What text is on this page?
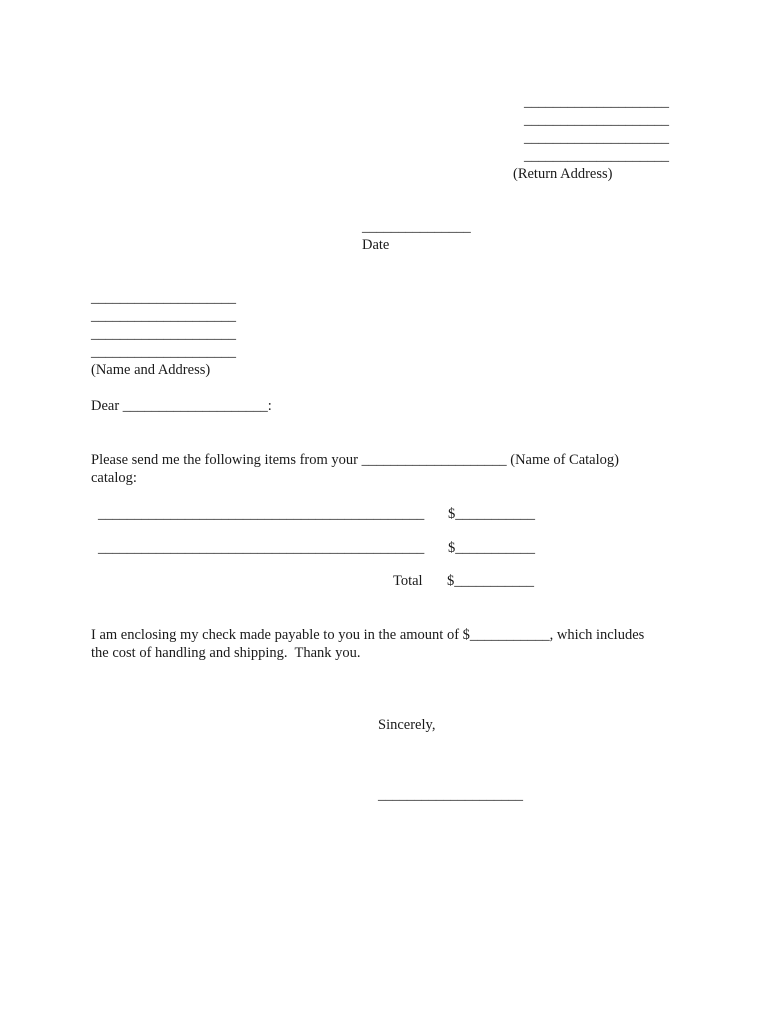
____________________
____________________
____________________
____________________
(Return Address)
_______________
Date
____________________
____________________
____________________
____________________
(Name and Address)
Dear ____________________:
Please send me the following items from your ____________________ (Name of Catalog)
catalog:
_____________________________________________ $___________
_____________________________________________ $___________
Total $___________
I am enclosing my check made payable to you in the amount of $___________, which includes
the cost of handling and shipping.  Thank you.
Sincerely,
____________________
